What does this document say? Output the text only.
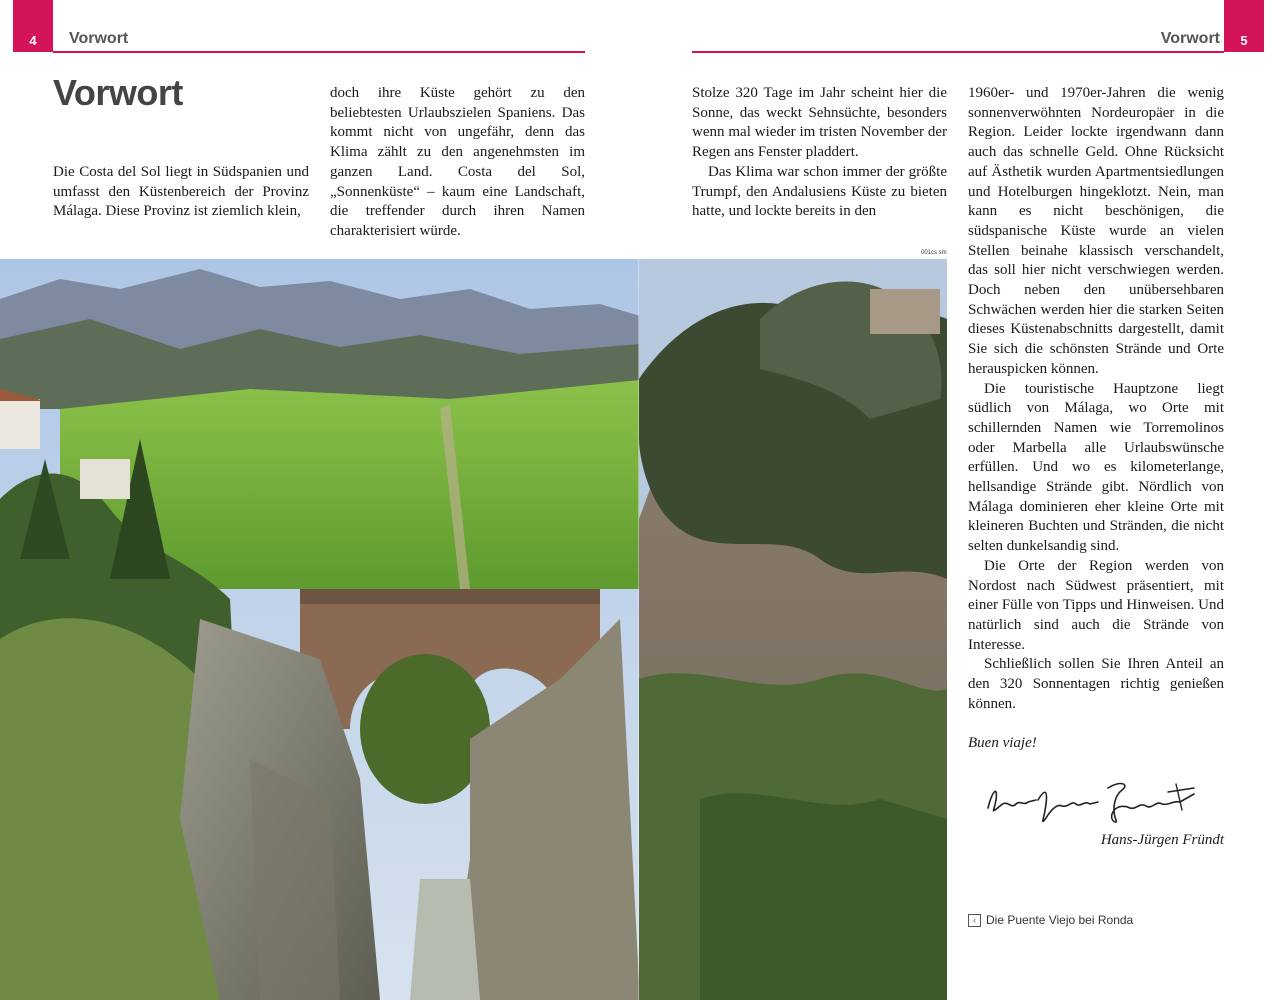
4	Vorwort	5
Vorwort
Vorwort

Die Costa del Sol liegt in Südspanien und umfasst den Küstenbereich der Provinz Málaga. Diese Provinz ist ziemlich klein,

doch ihre Küste gehört zu den beliebtesten Urlaubszielen Spaniens. Das kommt nicht von ungefähr, denn das Klima zählt zu den angenehmsten im ganzen Land. Costa del Sol, „Sonnenküste“ – kaum eine Landschaft, die treffender durch ihren Namen charakterisiert würde.

Stolze 320 Tage im Jahr scheint hier die Sonne, das weckt Sehnsüchte, besonders wenn mal wieder im tristen November der Regen ans Fenster pladdert.

Das Klima war schon immer der größte Trumpf, den Andalusiens Küste zu bieten hatte, und lockte bereits in den

1960er- und 1970er-Jahren die wenig sonnenverwöhnten Nordeuropäer in die Region. Leider lockte irgendwann dann auch das schnelle Geld. Ohne Rücksicht auf Ästhetik wurden Apartmentsiedlungen und Hotelburgen hingeklotzt. Nein, man kann es nicht beschönigen, die südspanische Küste wurde an vielen Stellen beinahe klassisch verschandelt, das soll hier nicht verschwiegen werden. Doch neben den unübersehbaren Schwächen werden hier die starken Seiten dieses Küstenabschnitts dargestellt, damit Sie sich die schönsten Strände und Orte herauspicken können.

Die touristische Hauptzone liegt südlich von Málaga, wo Orte mit schillernden Namen wie Torremolinos oder Marbella alle Urlaubswünsche erfüllen. Und wo es kilometerlange, hellsandige Strände gibt. Nördlich von Málaga dominieren eher kleine Orte mit kleineren Buchten und Stränden, die nicht selten dunkelsandig sind.

Die Orte der Region werden von Nordost nach Südwest präsentiert, mit einer Fülle von Tipps und Hinweisen. Und natürlich sind auch die Strände von Interesse.

Schließlich sollen Sie Ihren Anteil an den 320 Sonnentagen richtig genießen können.

Buen viaje!
Hans-Jürgen Fründt
‹ Die Puente Viejo bei Ronda
001cs sm
